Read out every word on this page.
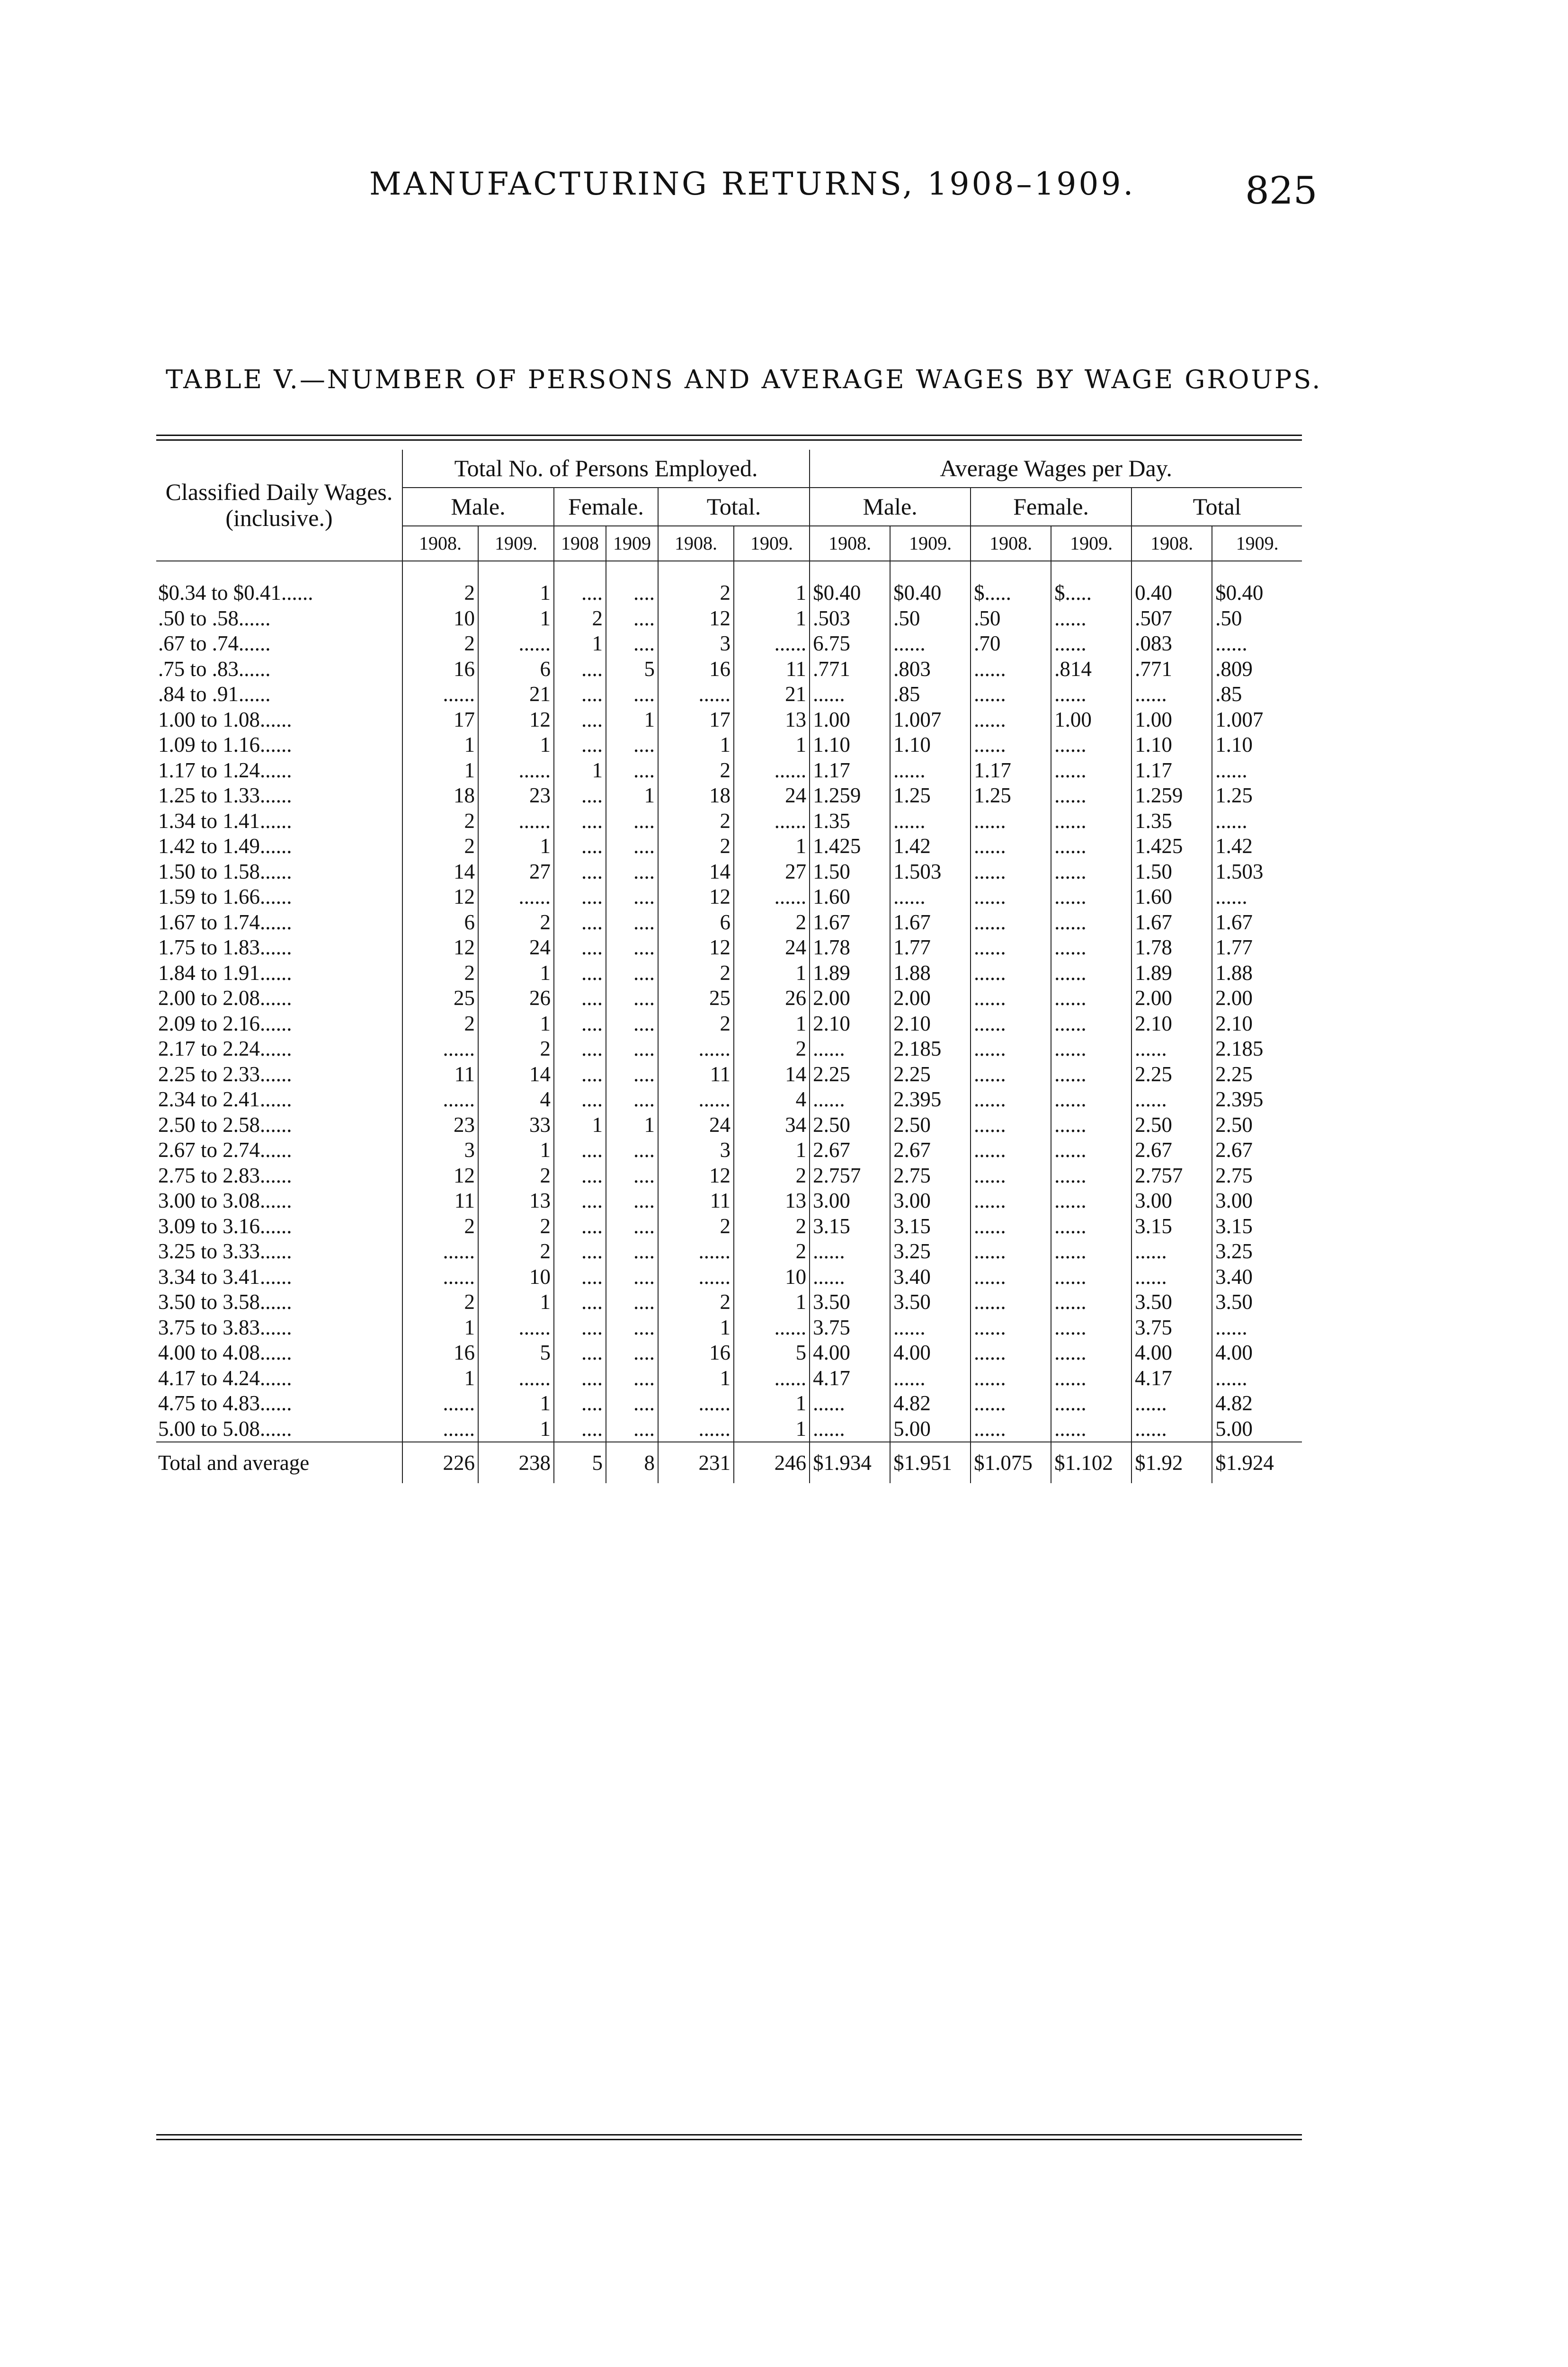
MANUFACTURING RETURNS, 1908–1909.	825
TABLE V.—NUMBER OF PERSONS AND AVERAGE WAGES BY WAGE GROUPS.
Classified Daily Wages. (inclusive.)	Total No. of Persons Employed.						Average Wages per Day.					
	Male.		Female.		Total.		Male.		Female.		Total	
	1908.	1909.	1908	1909	1908.	1909.	1908.	1909.	1908.	1909.	1908.	1909.

$0.34 to $0.41......	2	1	....	....	2	1	$0.40	$0.40	$.....	$.....	0.40	$0.40
.50 to .58......	10	1	2	....	12	1	.503	.50	.50	......	.507	.50
.67 to .74......	2	......	1	....	3	......	6.75	......	.70	......	.083	......
.75 to .83......	16	6	....	5	16	11	.771	.803	......	.814	.771	.809
.84 to .91......	......	21	....	....	......	21	......	.85	......	......	......	.85
1.00 to 1.08......	17	12	....	1	17	13	1.00	1.007	......	1.00	1.00	1.007
1.09 to 1.16......	1	1	....	....	1	1	1.10	1.10	......	......	1.10	1.10
1.17 to 1.24......	1	......	1	....	2	......	1.17	......	1.17	......	1.17	......
1.25 to 1.33......	18	23	....	1	18	24	1.259	1.25	1.25	......	1.259	1.25
1.34 to 1.41......	2	......	....	....	2	......	1.35	......	......	......	1.35	......
1.42 to 1.49......	2	1	....	....	2	1	1.425	1.42	......	......	1.425	1.42
1.50 to 1.58......	14	27	....	....	14	27	1.50	1.503	......	......	1.50	1.503
1.59 to 1.66......	12	......	....	....	12	......	1.60	......	......	......	1.60	......
1.67 to 1.74......	6	2	....	....	6	2	1.67	1.67	......	......	1.67	1.67
1.75 to 1.83......	12	24	....	....	12	24	1.78	1.77	......	......	1.78	1.77
1.84 to 1.91......	2	1	....	....	2	1	1.89	1.88	......	......	1.89	1.88
2.00 to 2.08......	25	26	....	....	25	26	2.00	2.00	......	......	2.00	2.00
2.09 to 2.16......	2	1	....	....	2	1	2.10	2.10	......	......	2.10	2.10
2.17 to 2.24......	......	2	....	....	......	2	......	2.185	......	......	......	2.185
2.25 to 2.33......	11	14	....	....	11	14	2.25	2.25	......	......	2.25	2.25
2.34 to 2.41......	......	4	....	....	......	4	......	2.395	......	......	......	2.395
2.50 to 2.58......	23	33	1	1	24	34	2.50	2.50	......	......	2.50	2.50
2.67 to 2.74......	3	1	....	....	3	1	2.67	2.67	......	......	2.67	2.67
2.75 to 2.83......	12	2	....	....	12	2	2.757	2.75	......	......	2.757	2.75
3.00 to 3.08......	11	13	....	....	11	13	3.00	3.00	......	......	3.00	3.00
3.09 to 3.16......	2	2	....	....	2	2	3.15	3.15	......	......	3.15	3.15
3.25 to 3.33......	......	2	....	....	......	2	......	3.25	......	......	......	3.25
3.34 to 3.41......	......	10	....	....	......	10	......	3.40	......	......	......	3.40
3.50 to 3.58......	2	1	....	....	2	1	3.50	3.50	......	......	3.50	3.50
3.75 to 3.83......	1	......	....	....	1	......	3.75	......	......	......	3.75	......
4.00 to 4.08......	16	5	....	....	16	5	4.00	4.00	......	......	4.00	4.00
4.17 to 4.24......	1	......	....	....	1	......	4.17	......	......	......	4.17	......
4.75 to 4.83......	......	1	....	....	......	1	......	4.82	......	......	......	4.82
5.00 to 5.08......	......	1	....	....	......	1	......	5.00	......	......	......	5.00
Total and average	226	238	5	8	231	246	$1.934	$1.951	$1.075	$1.102	$1.92	$1.924
